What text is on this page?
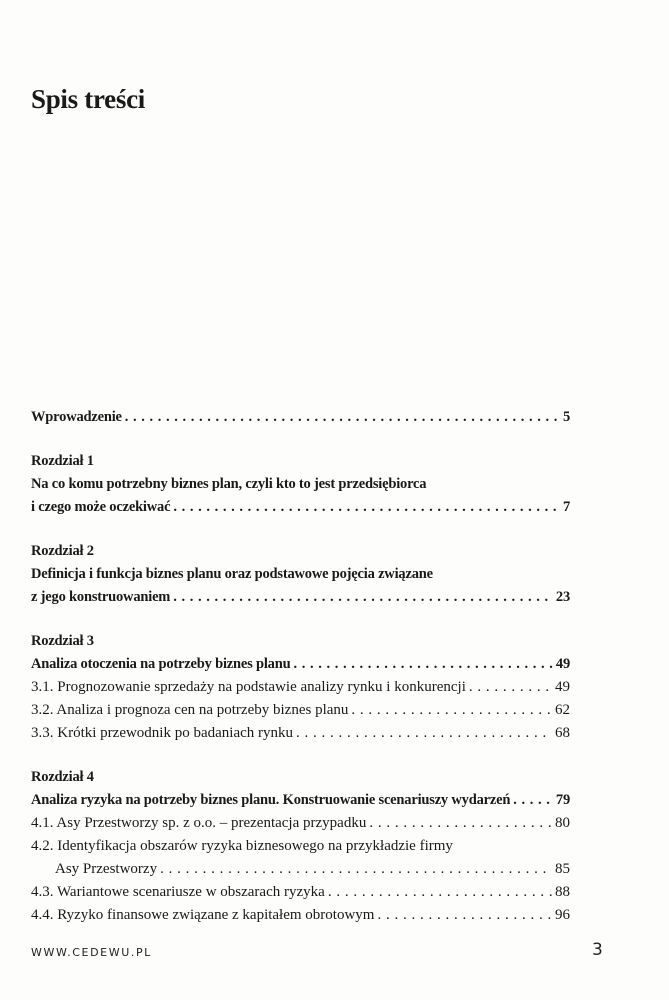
Spis treści
Wprowadzenie . . .	5
Rozdział 1
Na co komu potrzebny biznes plan, czyli kto to jest przedsiębiorca
i czego może oczekiwać . . .	7
Rozdział 2
Definicja i funkcja biznes planu oraz podstawowe pojęcia związane
z jego konstruowaniem . . .	23
Rozdział 3
Analiza otoczenia na potrzeby biznes planu . . .	49
3.1. Prognozowanie sprzedaży na podstawie analizy rynku i konkurencji . . .	49
3.2. Analiza i prognoza cen na potrzeby biznes planu . . .	62
3.3. Krótki przewodnik po badaniach rynku . . .	68
Rozdział 4
Analiza ryzyka na potrzeby biznes planu. Konstruowanie scenariuszy wydarzeń . . .	79
4.1. Asy Przestworzy sp. z o.o. – prezentacja przypadku . . .	80
4.2. Identyfikacja obszarów ryzyka biznesowego na przykładzie firmy
Asy Przestworzy . . .	85
4.3. Wariantowe scenariusze w obszarach ryzyka . . .	88
4.4. Ryzyko finansowe związane z kapitałem obrotowym . . .	96
WWW.CEDEWU.PL	3
